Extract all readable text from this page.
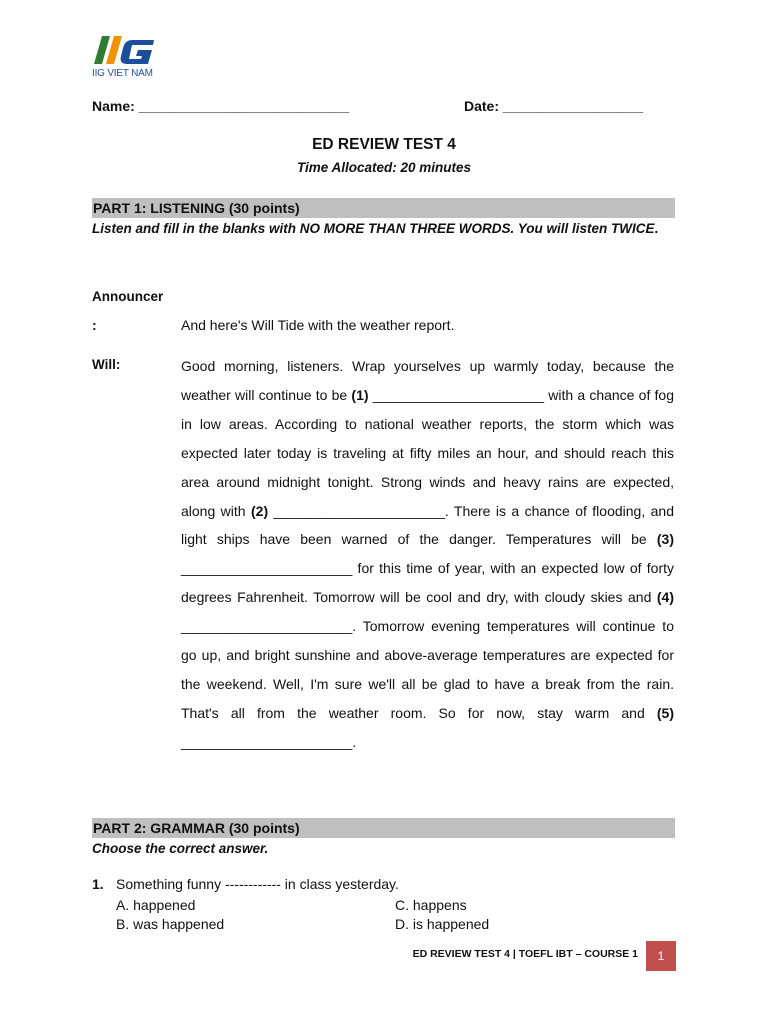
IIG VIET NAM
Name: ___________________________	Date: __________________
ED REVIEW TEST 4
Time Allocated: 20 minutes
PART 1: LISTENING (30 points)
Listen and fill in the blanks with NO MORE THAN THREE WORDS. You will listen TWICE.
Announcer
:	And here's Will Tide with the weather report.
Will:	Good morning, listeners. Wrap yourselves up warmly today, because the weather will continue to be (1) ______________________ with a chance of fog in low areas. According to national weather reports, the storm which was expected later today is traveling at fifty miles an hour, and should reach this area around midnight tonight. Strong winds and heavy rains are expected, along with (2) ______________________. There is a chance of flooding, and light ships have been warned of the danger. Temperatures will be (3) ______________________ for this time of year, with an expected low of forty degrees Fahrenheit. Tomorrow will be cool and dry, with cloudy skies and (4) ______________________. Tomorrow evening temperatures will continue to go up, and bright sunshine and above-average temperatures are expected for the weekend. Well, I'm sure we'll all be glad to have a break from the rain. That's all from the weather room. So for now, stay warm and (5) ______________________.
PART 2: GRAMMAR (30 points)
Choose the correct answer.
1. Something funny ------------ in class yesterday.
A. happened	C. happens
B. was happened	D. is happened
ED REVIEW TEST 4 | TOEFL IBT – COURSE 1	1
